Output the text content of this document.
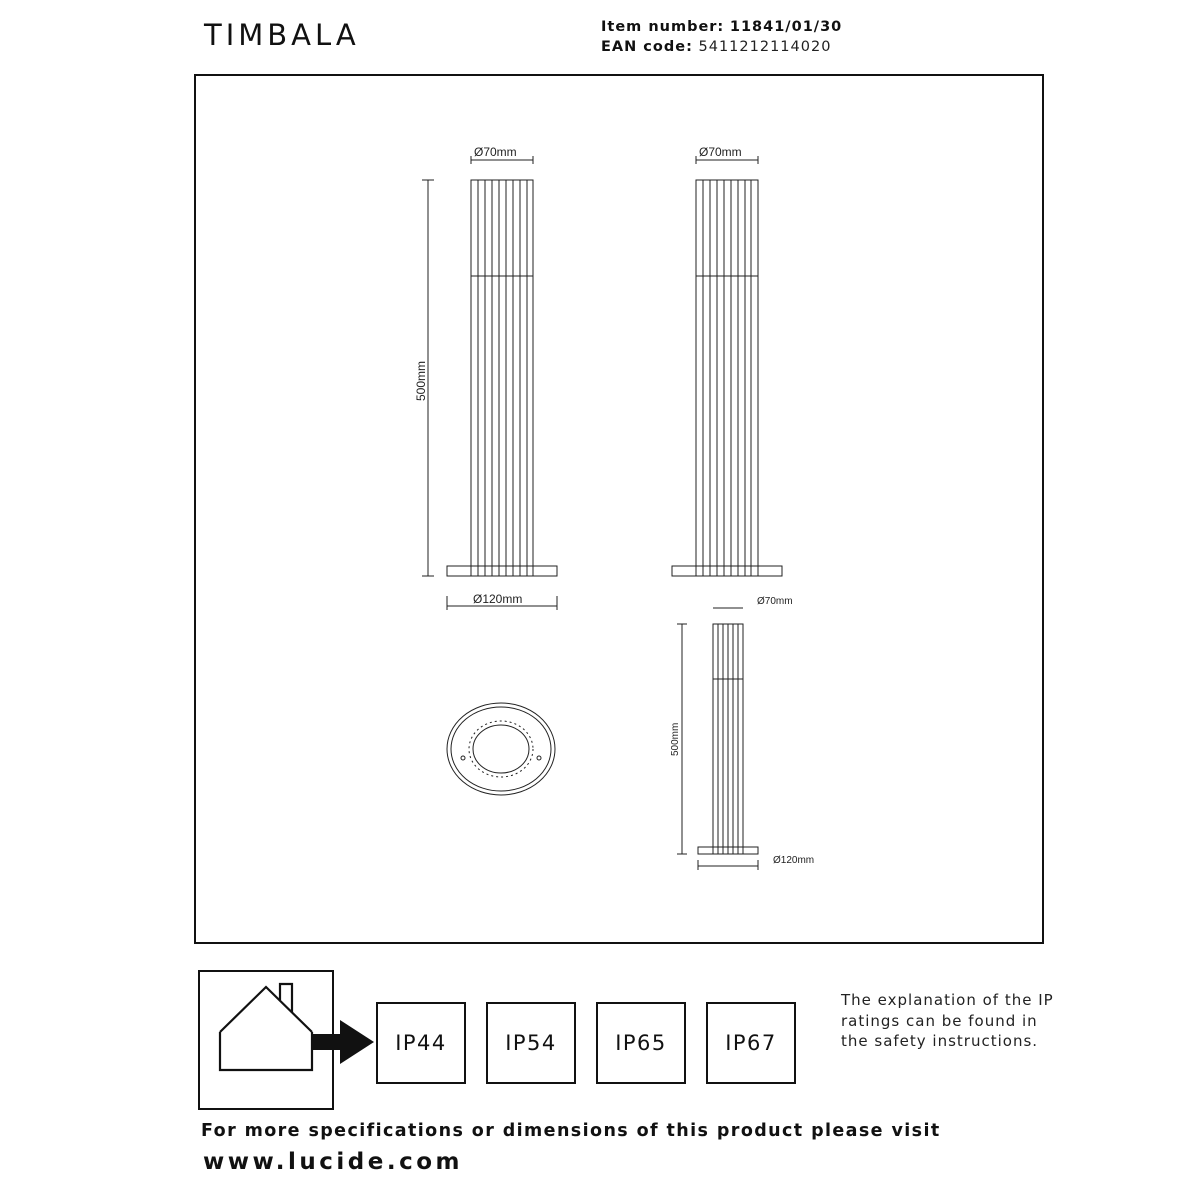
TIMBALA	Item number: 11841/01/30
EAN code: 5411212114020
Ø70mm	Ø70mm
Ø120mm
500mm
Ø70mm
500mm
Ø120mm
IP44	IP54	IP65	IP67
The explanation of the IP ratings can be found in the safety instructions.
For more specifications or dimensions of this product please visit
www.lucide.com
